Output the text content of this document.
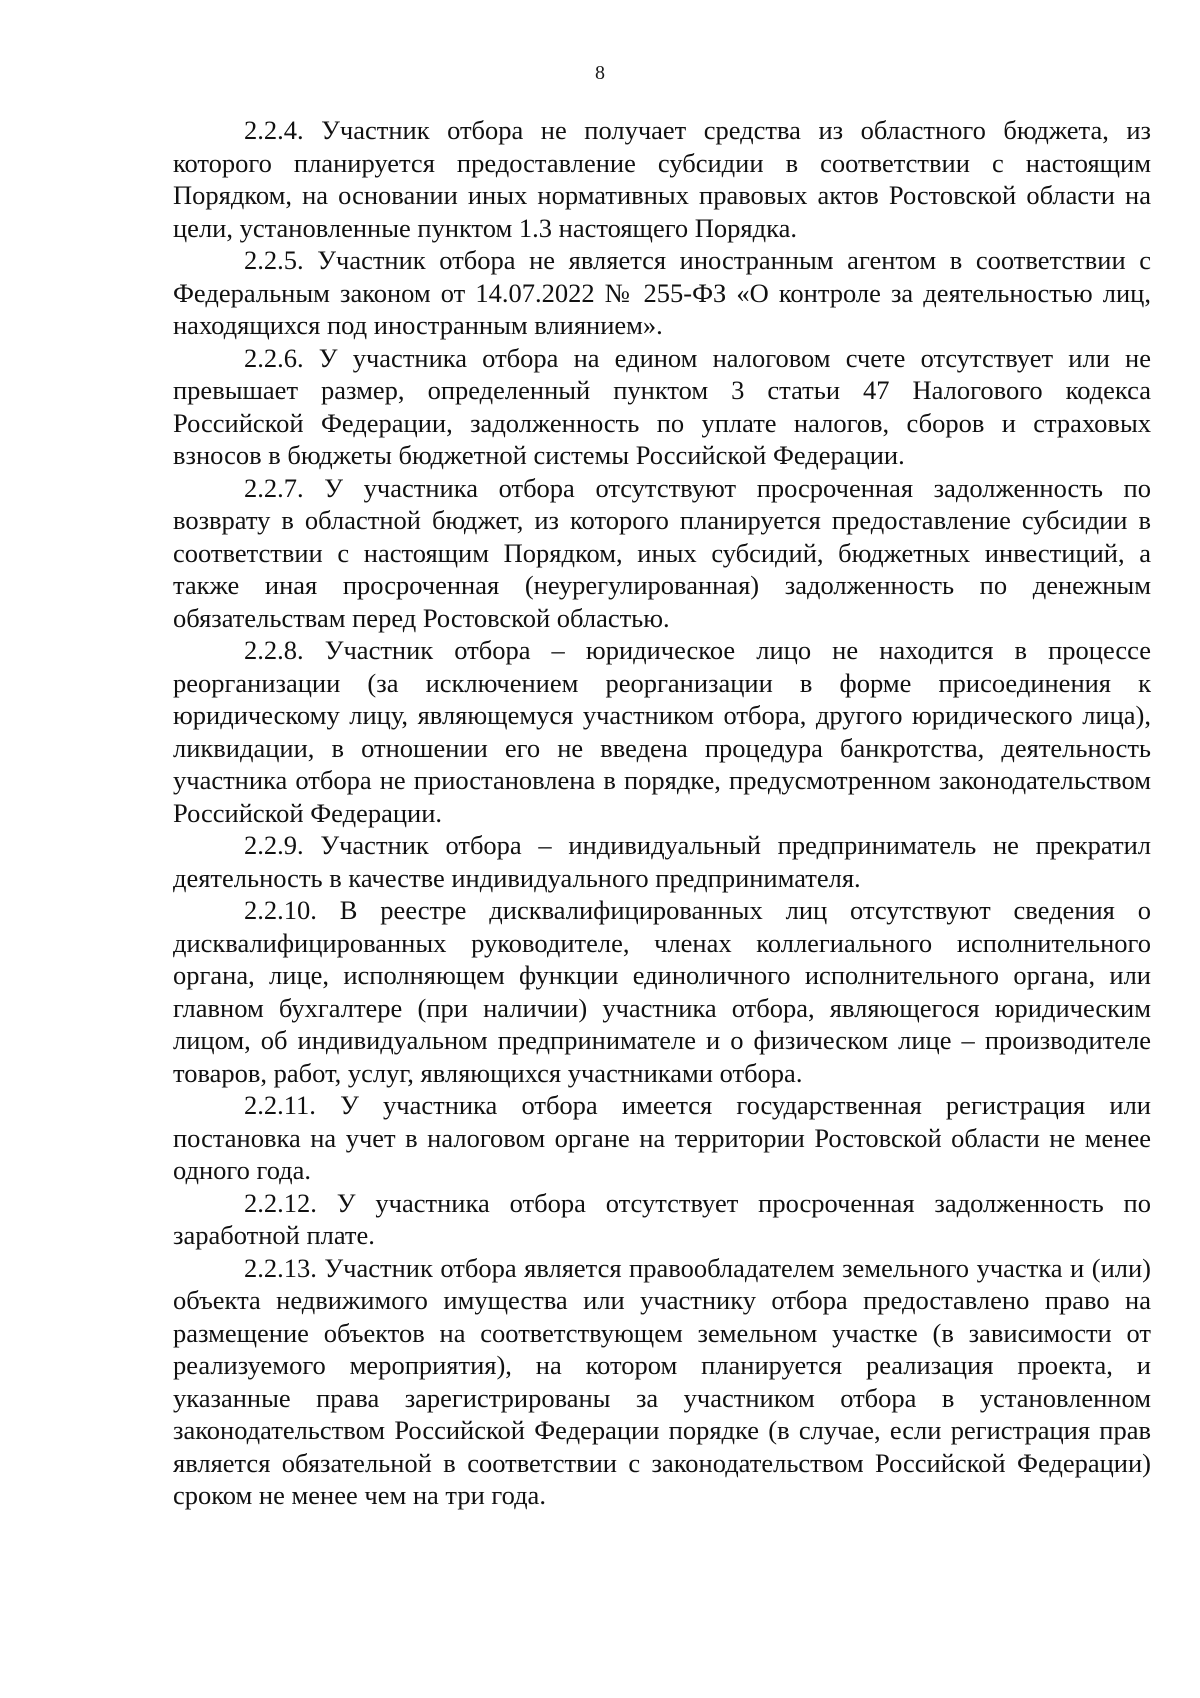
8

2.2.4. Участник отбора не получает средства из областного бюджета, из которого планируется предоставление субсидии в соответствии с настоящим Порядком, на основании иных нормативных правовых актов Ростовской области на цели, установленные пунктом 1.3 настоящего Порядка.

2.2.5. Участник отбора не является иностранным агентом в соответствии с Федеральным законом от 14.07.2022 № 255-ФЗ «О контроле за деятельностью лиц, находящихся под иностранным влиянием».

2.2.6. У участника отбора на едином налоговом счете отсутствует или не превышает размер, определенный пунктом 3 статьи 47 Налогового кодекса Российской Федерации, задолженность по уплате налогов, сборов и страховых взносов в бюджеты бюджетной системы Российской Федерации.

2.2.7. У участника отбора отсутствуют просроченная задолженность по возврату в областной бюджет, из которого планируется предоставление субсидии в соответствии с настоящим Порядком, иных субсидий, бюджетных инвестиций, а также иная просроченная (неурегулированная) задолженность по денежным обязательствам перед Ростовской областью.

2.2.8. Участник отбора – юридическое лицо не находится в процессе реорганизации (за исключением реорганизации в форме присоединения к юридическому лицу, являющемуся участником отбора, другого юридического лица), ликвидации, в отношении его не введена процедура банкротства, деятельность участника отбора не приостановлена в порядке, предусмотренном законодательством Российской Федерации.

2.2.9. Участник отбора – индивидуальный предприниматель не прекратил деятельность в качестве индивидуального предпринимателя.

2.2.10. В реестре дисквалифицированных лиц отсутствуют сведения о дисквалифицированных руководителе, членах коллегиального исполнительного органа, лице, исполняющем функции единоличного исполнительного органа, или главном бухгалтере (при наличии) участника отбора, являющегося юридическим лицом, об индивидуальном предпринимателе и о физическом лице – производителе товаров, работ, услуг, являющихся участниками отбора.

2.2.11. У участника отбора имеется государственная регистрация или постановка на учет в налоговом органе на территории Ростовской области не менее одного года.

2.2.12. У участника отбора отсутствует просроченная задолженность по заработной плате.

2.2.13. Участник отбора является правообладателем земельного участка и (или) объекта недвижимого имущества или участнику отбора предоставлено право на размещение объектов на соответствующем земельном участке (в зависимости от реализуемого мероприятия), на котором планируется реализация проекта, и указанные права зарегистрированы за участником отбора в установленном законодательством Российской Федерации порядке (в случае, если регистрация прав является обязательной в соответствии с законодательством Российской Федерации) сроком не менее чем на три года.
